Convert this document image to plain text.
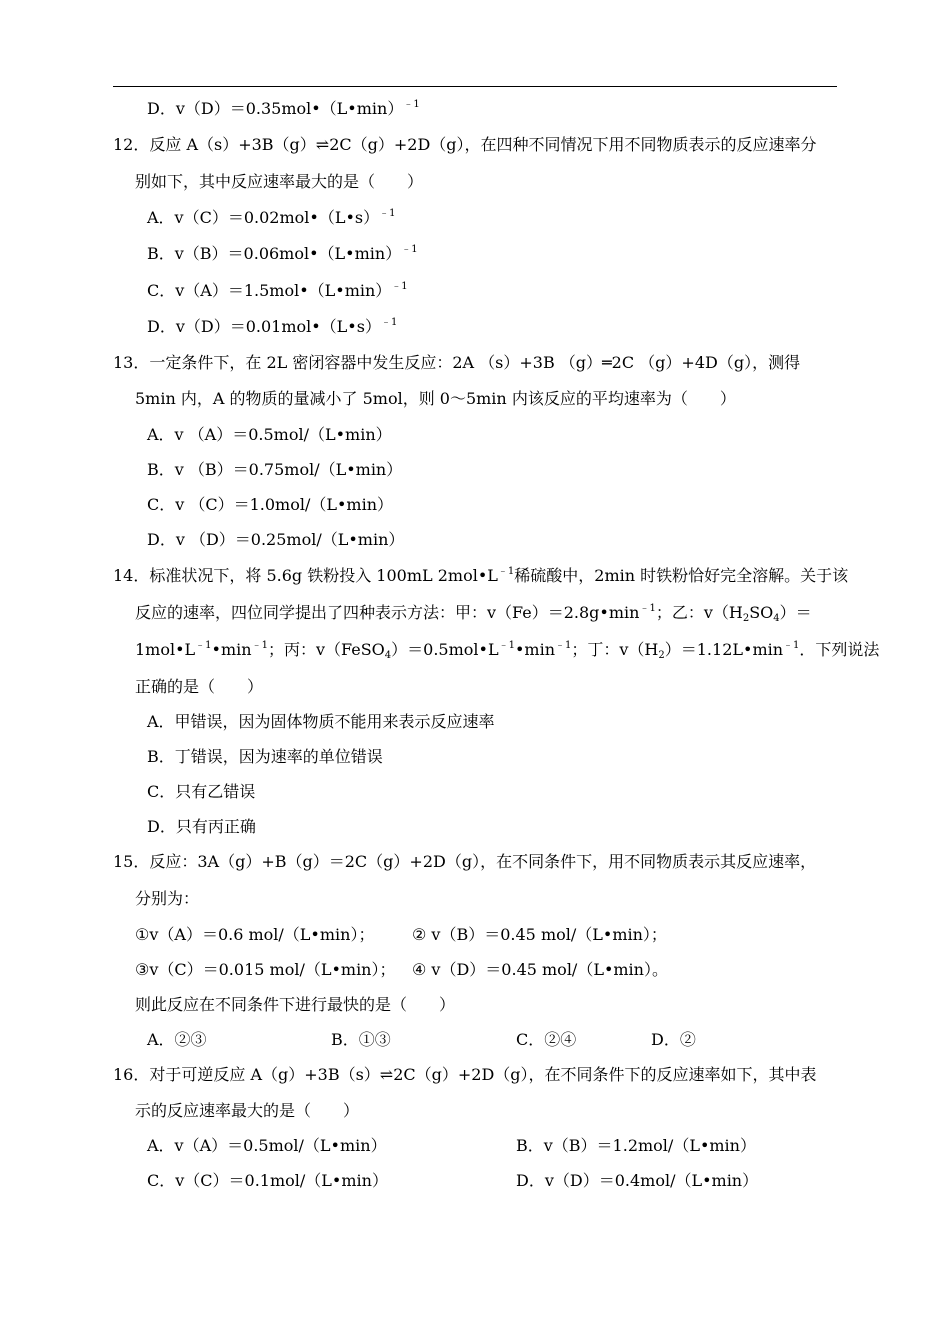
D．v（D）＝0.35mol•（L•min）$^{﹣1}$
12．反应 A（s）+3B（g）⇌2C（g）+2D（g），在四种不同情况下用不同物质表示的反应速率分
别如下，其中反应速率最大的是（　　）
A．v（C）＝0.02mol•（L•s）$^{﹣1}$
B．v（B）＝0.06mol•（L•min）$^{﹣1}$
C．v（A）＝1.5mol•（L•min）$^{﹣1}$
D．v（D）＝0.01mol•（L•s）$^{﹣1}$
13．一定条件下，在 2L 密闭容器中发生反应：2A （s）+3B （g）═2C （g）+4D（g），测得
5min 内，A 的物质的量减小了 5mol，则 0～5min 内该反应的平均速率为（　　）
A．v （A）＝0.5mol/（L•min）
B．v （B）＝0.75mol/（L•min）
C．v （C）＝1.0mol/（L•min）
D．v （D）＝0.25mol/（L•min）
14．标准状况下，将 5.6g 铁粉投入 100mL $2mol•L^{﹣1}$稀硫酸中，2min 时铁粉恰好完全溶解。关于该
反应的速率，四位同学提出了四种表示方法：甲：$v(Fe)=2.8g•\min^{﹣1}$；乙：$v(H_2SO_4)=$
$1mol•L^{﹣1}•\min^{﹣1}$；丙：$v(FeSO_4)=0.5mol•L^{﹣1}•\min^{﹣1}$；丁：$v(H_2)=1.12L•\min^{﹣1}$．下列说法
正确的是（　　）
A．甲错误，因为固体物质不能用来表示反应速率
B．丁错误，因为速率的单位错误
C．只有乙错误
D．只有丙正确
15．反应：3A（g）+B（g）＝2C（g）+2D（g），在不同条件下，用不同物质表示其反应速率，
分别为：
①v（A）＝0.6 mol/（L•min）； ② v（B）＝0.45 mol/（L•min）；
③v（C）＝0.015 mol/（L•min）； ④ v（D）＝0.45 mol/（L•min）。
则此反应在不同条件下进行最快的是（　　）
A．②③	B．①③	C．②④	D．②
16．对于可逆反应 A（g）+3B（s）⇌2C（g）+2D（g），在不同条件下的反应速率如下，其中表
示的反应速率最大的是（　　）
A．v（A）＝0.5mol/（L•min）	B．v（B）＝1.2mol/（L•min）
C．v（C）＝0.1mol/（L•min）	D．v（D）＝0.4mol/（L•min）
